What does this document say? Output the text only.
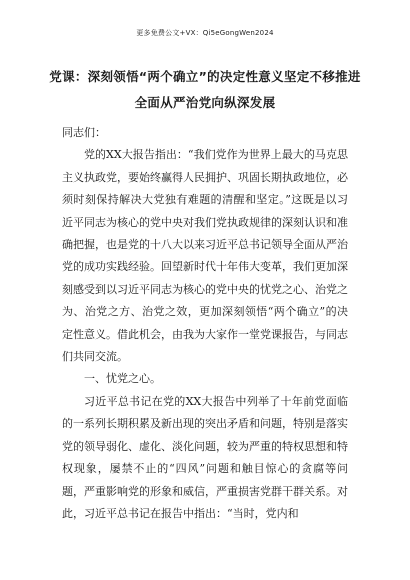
更多免费公文+VX：Qi5eGongWen2024
党课：深刻领悟“两个确立”的决定性意义坚定不移推进
全面从严治党向纵深发展

同志们：

党的XX大报告指出：“我们党作为世界上最大的马克思主义执政党，要始终赢得人民拥护、巩固长期执政地位，必须时刻保持解决大党独有难题的清醒和坚定。”这既是以习近平同志为核心的党中央对我们党执政规律的深刻认识和准确把握，也是党的十八大以来习近平总书记领导全面从严治党的成功实践经验。回望新时代十年伟大变革，我们更加深刻感受到以习近平同志为核心的党中央的忧党之心、治党之为、治党之方、治党之效，更加深刻领悟“两个确立”的决定性意义。借此机会，由我为大家作一堂党课报告，与同志们共同交流。

一、忧党之心。

习近平总书记在党的XX大报告中列举了十年前党面临的一系列长期积累及新出现的突出矛盾和问题，特别是落实党的领导弱化、虚化、淡化问题，较为严重的特权思想和特权现象，屡禁不止的“四风”问题和触目惊心的贪腐等问题，严重影响党的形象和威信，严重损害党群干群关系。对此，习近平总书记在报告中指出：“当时，党内和
